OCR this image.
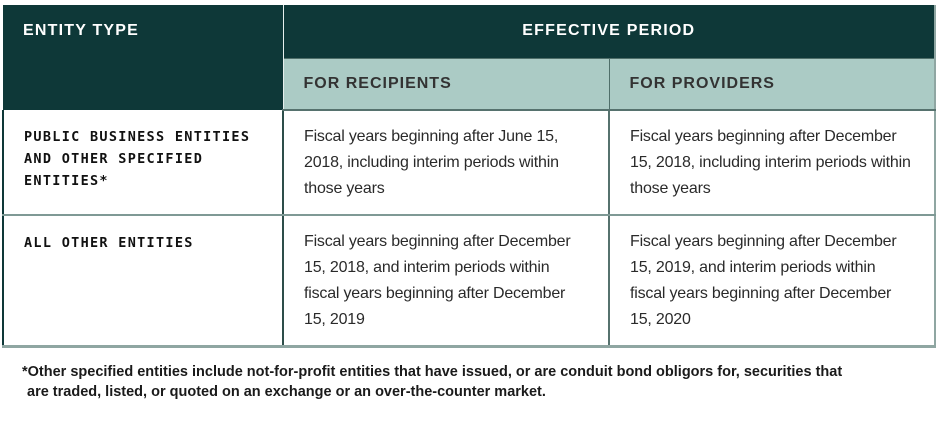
ENTITY TYPE	EFFECTIVE PERIOD	
	FOR RECIPIENTS	FOR PROVIDERS
PUBLIC BUSINESS ENTITIES AND OTHER SPECIFIED ENTITIES*	Fiscal years beginning after June 15, 2018, including interim periods within those years	Fiscal years beginning after December 15, 2018, including interim periods within those years
ALL OTHER ENTITIES	Fiscal years beginning after December 15, 2018, and interim periods within fiscal years beginning after December 15, 2019	Fiscal years beginning after December 15, 2019, and interim periods within fiscal years beginning after December 15, 2020
*Other specified entities include not-for-profit entities that have issued, or are conduit bond obligors for, securities that
are traded, listed, or quoted on an exchange or an over-the-counter market.
